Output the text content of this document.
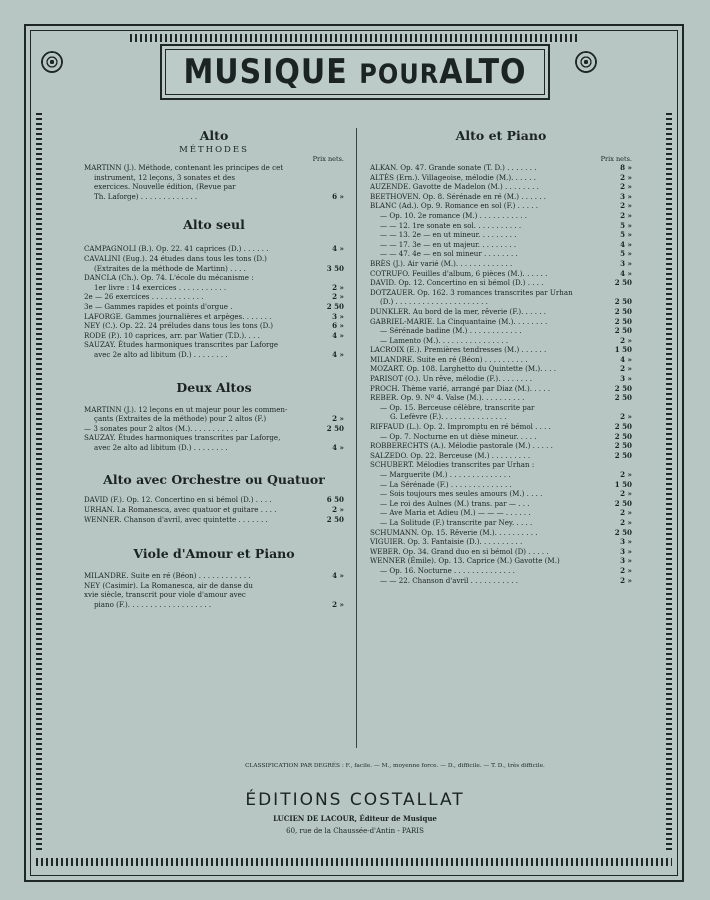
MUSIQUE POURALTO

Alto

MÉTHODES

Prix nets.

MARTINN (J.). Méthode, contenant les principes de cet
instrument, 12 leçons, 3 sonates et des
exercices. Nouvelle édition, (Revue par
Th. Laforge) . . . . . . . . . . . . .	6 »

Alto seul

CAMPAGNOLI (B.). Op. 22. 41 caprices (D.) . . . . . .	4 »
CAVALINI (Eug.). 24 études dans tous les tons (D.)
(Extraites de la méthode de Martinn) . . . .	3 50
DANCLA (Ch.). Op. 74. L'école du mécanisme :
1er livre : 14 exercices . . . . . . . . . . .	2 »
2e — 26 exercices . . . . . . . . . . . .	2 »
3e — Gammes rapides et points d'orgue .	2 50
LAFORGE. Gammes journalières et arpèges. . . . . . .	3 »
NEY (C.). Op. 22. 24 préludes dans tous les tons (D.)	6 »
RODE (P.). 10 caprices, arr. par Watier (T.D.). . . .	4 »
SAUZAY. Études harmoniques transcrites par Laforge
avec 2e alto ad libitum (D.) . . . . . . . .	4 »

Deux Altos

MARTINN (J.). 12 leçons en ut majeur pour les commen-
çants (Extraites de la méthode) pour 2 altos (F.)	2 »
— 3 sonates pour 2 altos (M.). . . . . . . . . . .	2 50
SAUZAY. Études harmoniques transcrites par Laforge,
avec 2e alto ad libitum (D.) . . . . . . . .	4 »

Alto avec Orchestre ou Quatuor

DAVID (F.). Op. 12. Concertino en si bémol (D.) . . . .	6 50
URHAN. La Romanesca, avec quatuor et guitare . . . .	2 »
WENNER. Chanson d'avril, avec quintette . . . . . . .	2 50

Viole d'Amour et Piano

MILANDRE. Suite en ré (Béon) . . . . . . . . . . . .	4 »
NEY (Casimir). La Romanesca, air de danse du
xvie siècle, transcrit pour viole d'amour avec
piano (F.). . . . . . . . . . . . . . . . . . .	2 »

Alto et Piano

Prix nets.

ALKAN. Op. 47. Grande sonate (T. D.) . . . . . . .	8 »
ALTÈS (Ern.). Villageoise, mélodie (M.). . . . . .	2 »
AUZENDE. Gavotte de Madelon (M.) . . . . . . . .	2 »
BEETHOVEN. Op. 8. Sérénade en ré (M.) . . . . . .	3 »
BLANC (Ad.). Op. 9. Romance en sol (F.) . . . . .	2 »
— Op. 10. 2e romance (M.) . . . . . . . . . . .	2 »
— — 12. 1re sonate en sol. . . . . . . . . . .	5 »
— — 13. 2e — en ut mineur. . . . . . . . .	5 »
— — 17. 3e — en ut majeur. . . . . . . . .	4 »
— — 47. 4e — en sol mineur . . . . . . . .	5 »
BRÈS (J.). Air varié (M.). . . . . . . . . . . . .	3 »
COTRUFO. Feuilles d'album, 6 pièces (M.). . . . . .	4 »
DAVID. Op. 12. Concertino en si bémol (D.) . . . .	2 50
DOTZAUER. Op. 162. 3 romances transcrites par Urhan
(D.) . . . . . . . . . . . . . . . . . . . . .	2 50
DUNKLER. Au bord de la mer, rêverie (F.). . . . . .	2 50
GABRIEL-MARIE. La Cinquantaine (M.). . . . . . . .	2 50
— Sérénade badine (M.) . . . . . . . . . . . .	2 50
— Lamento (M.). . . . . . . . . . . . . . . .	2 »
LACROIX (E.). Premières tendresses (M.) . . . . . .	1 50
MILANDRE. Suite en ré (Béon) . . . . . . . . . .	4 »
MOZART. Op. 108. Larghetto du Quintette (M.). . . .	2 »
PARISOT (O.). Un rêve, mélodie (F.). . . . . . . .	3 »
PROCH. Thème varié, arrangé par Diaz (M.). . . . .	2 50
REBER. Op. 9. Nº 4. Valse (M.). . . . . . . . . .	2 50
— Op. 15. Berceuse célèbre, transcrite par
G. Lefèvre (F.). . . . . . . . . . . . . . .	2 »
RIFFAUD (L.). Op. 2. Impromptu en ré bémol . . . .	2 50
— Op. 7. Nocturne en ut dièse mineur. . . . .	2 50
ROBBERECHTS (A.). Mélodie pastorale (M.) . . . . .	2 50
SALZEDO. Op. 22. Berceuse (M.) . . . . . . . . .	2 50
SCHUBERT. Mélodies transcrites par Urhan :
— Marguerite (M.) . . . . . . . . . . . . . .	2 »
— La Sérénade (F.) . . . . . . . . . . . . . .	1 50
— Sois toujours mes seules amours (M.) . . . .	2 »
— Le roi des Aulnes (M.) trans. par — . . .	2 50
— Ave Maria et Adieu (M.) — — — . . . . . .	2 »
— La Solitude (F.) transcrite par Ney. . . . .	2 »
SCHUMANN. Op. 15. Rêverie (M.). . . . . . . . . .	2 50
VIGUIER. Op. 3. Fantaisie (D.). . . . . . . . . .	3 »
WEBER. Op. 34. Grand duo en si bémol (D) . . . . .	3 »
WENNER (Émile). Op. 13. Caprice (M.) Gavotte (M.)	3 »
— Op. 16. Nocturne . . . . . . . . . . . . . .	2 »
— — 22. Chanson d'avril . . . . . . . . . . .	2 »
CLASSIFICATION PAR DEGRÉS : F., facile. — M., moyenne force. — D., difficile. — T. D., très difficile.
ÉDITIONS COSTALLAT
LUCIEN DE LACOUR, Éditeur de Musique
60, rue de la Chaussée-d'Antin - PARIS
